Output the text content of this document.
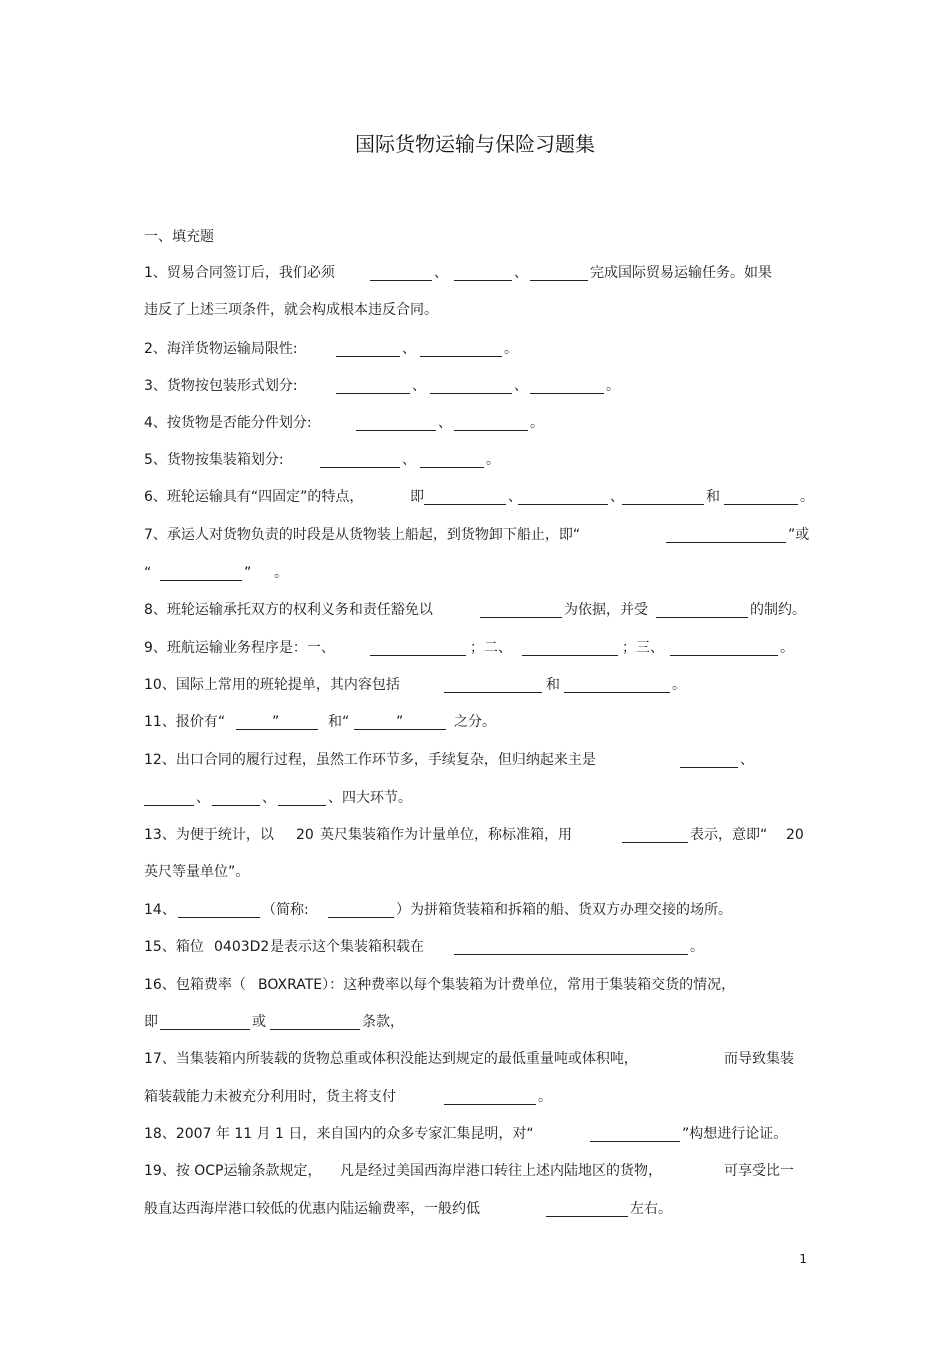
国际货物运输与保险习题集
一、填充题
1、贸易合同签订后，我们必须	、	、	完成国际贸易运输任务。如果
违反了上述三项条件，就会构成根本违反合同。
2、海洋货物运输局限性:	、	。
3、货物按包装形式划分:	、	、	。
4、按货物是否能分件划分:	、	。
5、货物按集装箱划分:	、	。
6、班轮运输具有“四固定”的特点，	即	、	、	和	。
7、承运人对货物负责的时段是从货物装上船起，到货物卸下船止，即“	”或
“	” 。
8、班轮运输承托双方的权利义务和责任豁免以	为依据，并受	的制约。
9、班航运输业务程序是：一、	；二、	；三、	。
10、国际上常用的班轮提单，其内容包括	和	。
11、报价有“	”	和“	”	之分。
12、出口合同的履行过程，虽然工作环节多，手续复杂，但归纳起来主是	、
、	、	、四大环节。
13、为便于统计，以 20 英尺集装箱作为计量单位，称标准箱，用	表示，意即“ 20
英尺等量单位”。
14、	（简称:	）为拼箱货装箱和拆箱的船、货双方办理交接的场所。
15、箱位 0403D2 是表示这个集装箱积载在	。
16、包箱费率（ BOXRATE）：这种费率以每个集装箱为计费单位，常用于集装箱交货的情况，
即	或	条款，
17、当集装箱内所装载的货物总重或体积没能达到规定的最低重量吨或体积吨，	而导致集装
箱装载能力未被充分利用时，货主将支付	。
18、2007 年 11 月 1 日，来自国内的众多专家汇集昆明，对“	”构想进行论证。
19、按 OCP运输条款规定， 凡是经过美国西海岸港口转往上述内陆地区的货物，	可享受比一
般直达西海岸港口较低的优惠内陆运输费率，一般约低	左右。
1
